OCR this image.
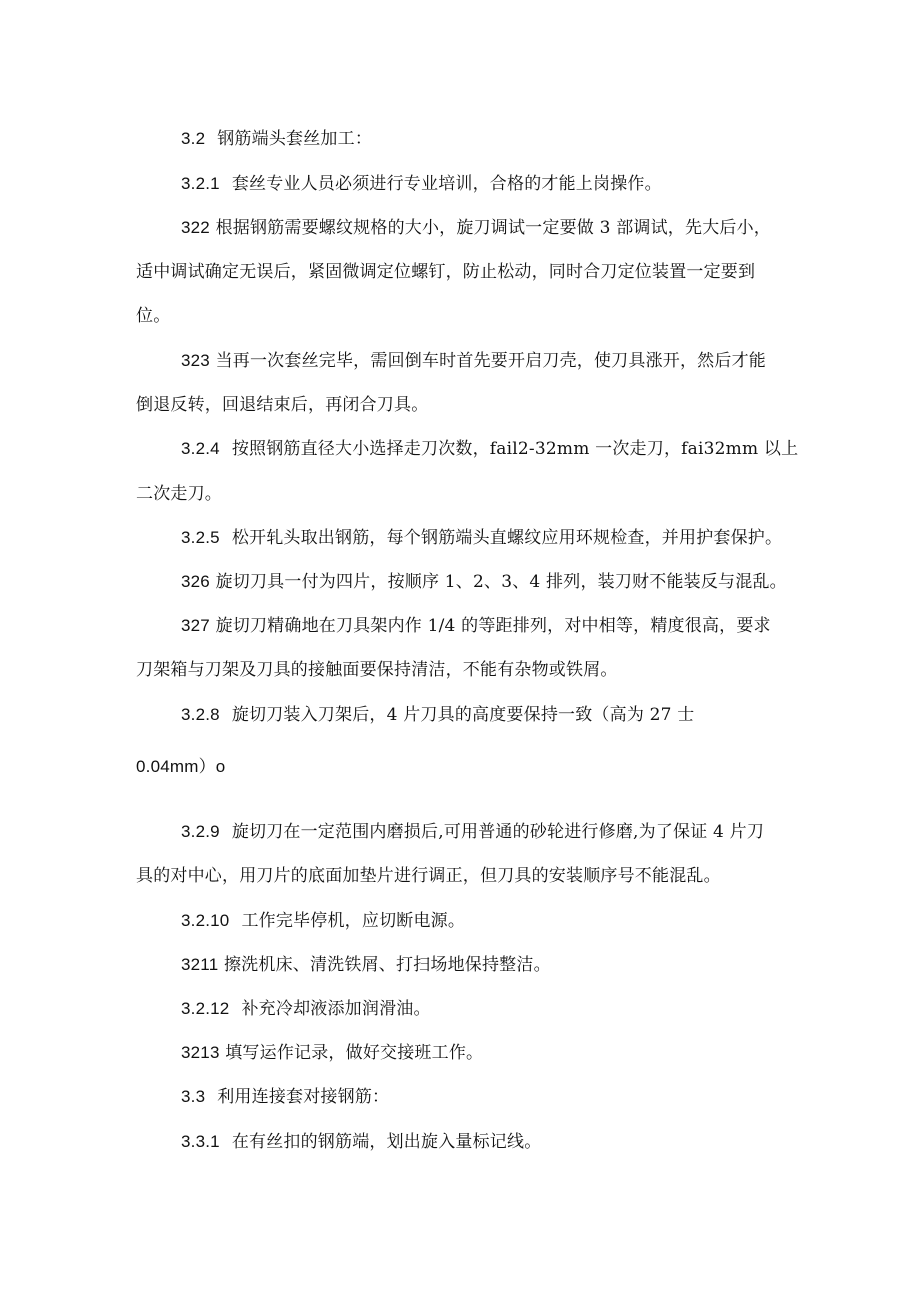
3.2 钢筋端头套丝加工：
3.2.1 套丝专业人员必须进行专业培训，合格的才能上岗操作。
322 根据钢筋需要螺纹规格的大小，旋刀调试一定要做 3 部调试，先大后小，
适中调试确定无误后，紧固微调定位螺钉，防止松动，同时合刀定位装置一定要到
位。
323 当再一次套丝完毕，需回倒车时首先要开启刀壳，使刀具涨开，然后才能
倒退反转，回退结束后，再闭合刀具。
3.2.4 按照钢筋直径大小选择走刀次数，fail2-32mm 一次走刀，fai32mm 以上
二次走刀。
3.2.5 松开轧头取出钢筋，每个钢筋端头直螺纹应用环规检查，并用护套保护。
326 旋切刀具一付为四片，按顺序 1、2、3、4 排列，装刀财不能装反与混乱。
327 旋切刀精确地在刀具架内作 1/4 的等距排列，对中相等，精度很高，要求
刀架箱与刀架及刀具的接触面要保持清洁，不能有杂物或铁屑。
3.2.8 旋切刀装入刀架后，4 片刀具的高度要保持一致（高为 27 士
0.04mm）o
3.2.9 旋切刀在一定范围内磨损后,可用普通的砂轮进行修磨,为了保证 4 片刀
具的对中心，用刀片的底面加垫片进行调正，但刀具的安装顺序号不能混乱。
3.2.10 工作完毕停机，应切断电源。
3211 擦洗机床、清洗铁屑、打扫场地保持整洁。
3.2.12 补充冷却液添加润滑油。
3213 填写运作记录，做好交接班工作。
3.3 利用连接套对接钢筋：
3.3.1 在有丝扣的钢筋端，划出旋入量标记线。
